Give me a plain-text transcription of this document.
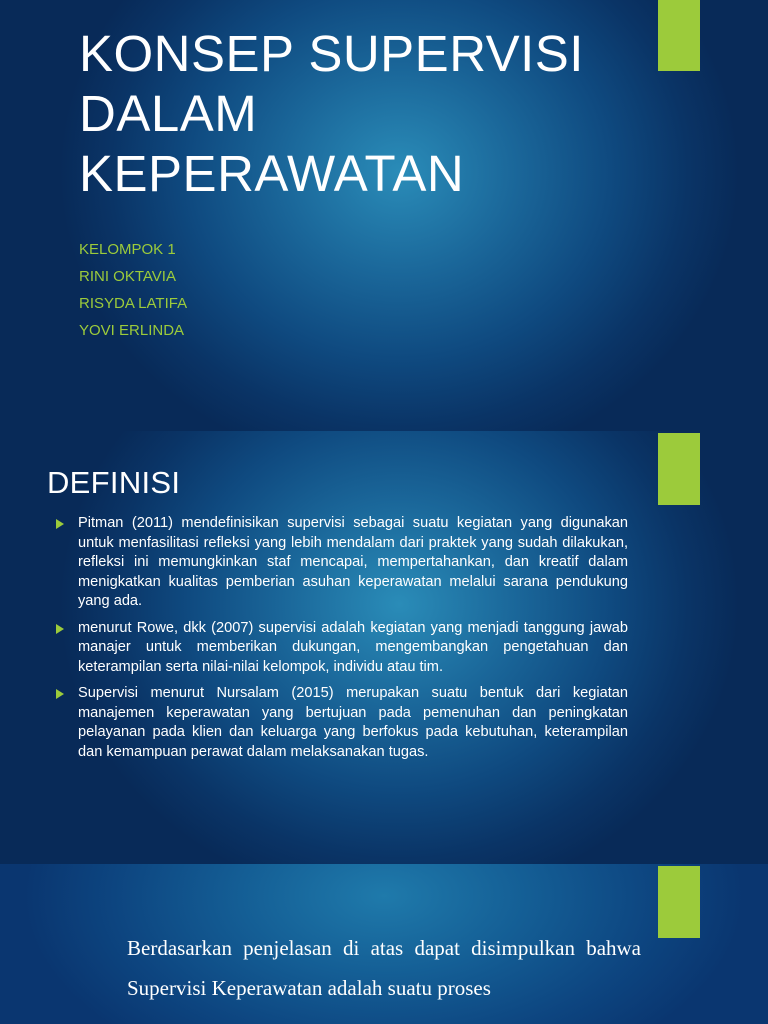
KONSEP SUPERVISI
DALAM
KEPERAWATAN
KELOMPOK 1
RINI OKTAVIA
RISYDA LATIFA
YOVI ERLINDA
DEFINISI
Pitman (2011) mendefinisikan supervisi sebagai suatu kegiatan yang digunakan untuk menfasilitasi refleksi yang lebih mendalam dari praktek yang sudah dilakukan, refleksi ini memungkinkan staf mencapai, mempertahankan, dan kreatif dalam menigkatkan kualitas pemberian asuhan keperawatan melalui sarana pendukung yang ada.
menurut Rowe, dkk (2007) supervisi adalah kegiatan yang menjadi tanggung jawab manajer untuk memberikan dukungan, mengembangkan pengetahuan dan keterampilan serta nilai-nilai kelompok, individu atau tim.
Supervisi menurut Nursalam (2015) merupakan suatu bentuk dari kegiatan manajemen keperawatan yang bertujuan pada pemenuhan dan peningkatan pelayanan pada klien dan keluarga yang berfokus pada kebutuhan, keterampilan dan kemampuan perawat dalam melaksanakan tugas.

Berdasarkan penjelasan di atas dapat disimpulkan bahwa Supervisi Keperawatan adalah suatu proses
